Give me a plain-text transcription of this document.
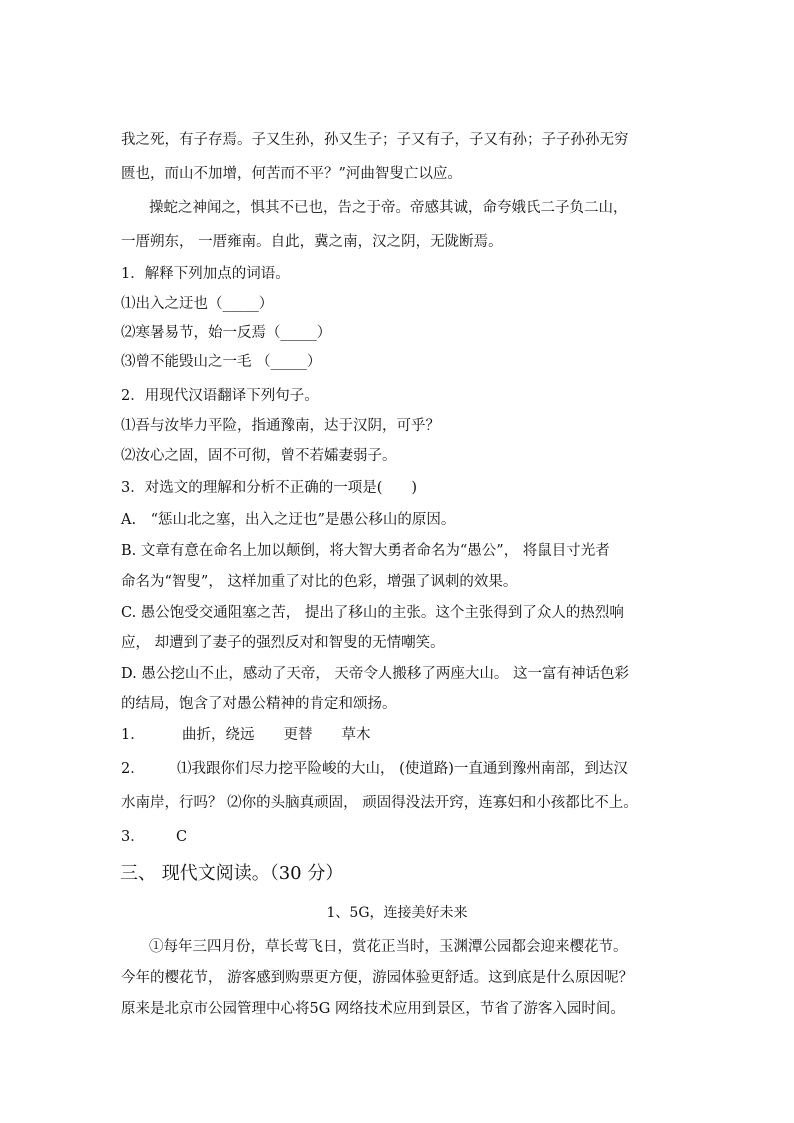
我之死，有子存焉。子又生孙，孙又生子；子又有子，子又有孙；子子孙孙无穷
匮也，而山不加增，何苦而不平？”河曲智叟亡以应。
操蛇之神闻之，惧其不已也，告之于帝。帝感其诚，命夸娥氏二子负二山，
一厝朔东， 一厝雍南。自此，冀之南，汉之阴，无陇断焉。
1．解释下列加点的词语。
⑴出入之迂也（_____）
⑵寒暑易节，始一反焉（_____）
⑶曾不能毁山之一毛 （_____）
2．用现代汉语翻译下列句子。
⑴吾与汝毕力平险，指通豫南，达于汉阴，可乎？
⑵汝心之固，固不可彻，曾不若孀妻弱子。
3．对选文的理解和分析不正确的一项是(　　)
A.　“惩山北之塞，出入之迂也”是愚公移山的原因。
B. 文章有意在命名上加以颠倒，将大智大勇者命名为“愚公”， 将鼠目寸光者
命名为“智叟”， 这样加重了对比的色彩，增强了讽刺的效果。
C. 愚公饱受交通阻塞之苦， 提出了移山的主张。这个主张得到了众人的热烈响
应， 却遭到了妻子的强烈反对和智叟的无情嘲笑。
D. 愚公挖山不止，感动了天帝， 天帝令人搬移了两座大山。 这一富有神话色彩
的结局，饱含了对愚公精神的肯定和颂扬。
1．	曲折，绕远　　更替　　草木
2． ⑴我跟你们尽力挖平险峻的大山， (使道路)一直通到豫州南部，到达汉
水南岸，行吗？ ⑵你的头脑真顽固， 顽固得没法开窍，连寡妇和小孩都比不上。
3． C
三、 现代文阅读。（30 分）
1、5G，连接美好未来
①每年三四月份，草长莺飞日，赏花正当时，玉渊潭公园都会迎来樱花节。
今年的樱花节， 游客感到购票更方便，游园体验更舒适。这到底是什么原因呢？
原来是北京市公园管理中心将5G 网络技术应用到景区，节省了游客入园时间。
